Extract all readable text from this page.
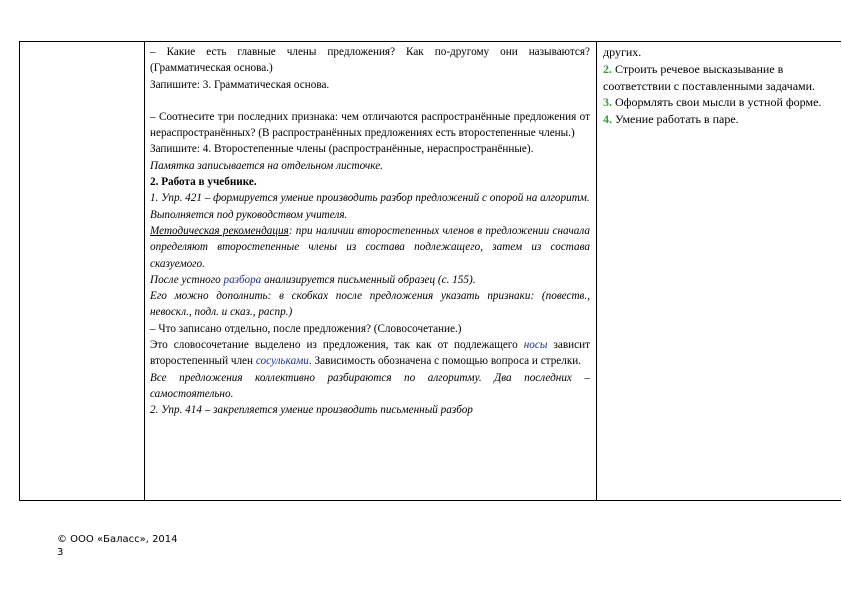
– Какие есть главные члены предложения? Как по-другому они называются? (Грамматическая основа.)

Запишите: 3. Грамматическая основа.

– Соотнесите три последних признака: чем отличаются распространённые предложения от нераспространённых? (В распространённых предложениях есть второстепенные члены.)

Запишите: 4. Второстепенные члены (распространённые, нераспространённые).

Памятка записывается на отдельном листочке.

2. Работа в учебнике.

1. Упр. 421 – формируется умение производить разбор предложений с опорой на алгоритм.

Выполняется под руководством учителя.

Методическая рекомендация: при наличии второстепенных членов в предложении сначала определяют второстепенные члены из состава подлежащего, затем из состава сказуемого.

После устного разбора анализируется письменный образец (с. 155).

Его можно дополнить: в скобках после предложения указать признаки: (повеств., невоскл., подл. и сказ., распр.)

– Что записано отдельно, после предложения? (Словосочетание.)

Это словосочетание выделено из предложения, так как от подлежащего носы зависит второстепенный член сосульками. Зависимость обозначена с помощью вопроса и стрелки.

Все предложения коллективно разбираются по алгоритму. Два последних – самостоятельно.

2. Упр. 414 – закрепляется умение производить письменный разбор

других.

2. Строить речевое высказывание в соответствии с поставленными задачами.

3. Оформлять свои мысли в устной форме.

4. Умение работать в паре.

© ООО «Баласс», 2014
3
